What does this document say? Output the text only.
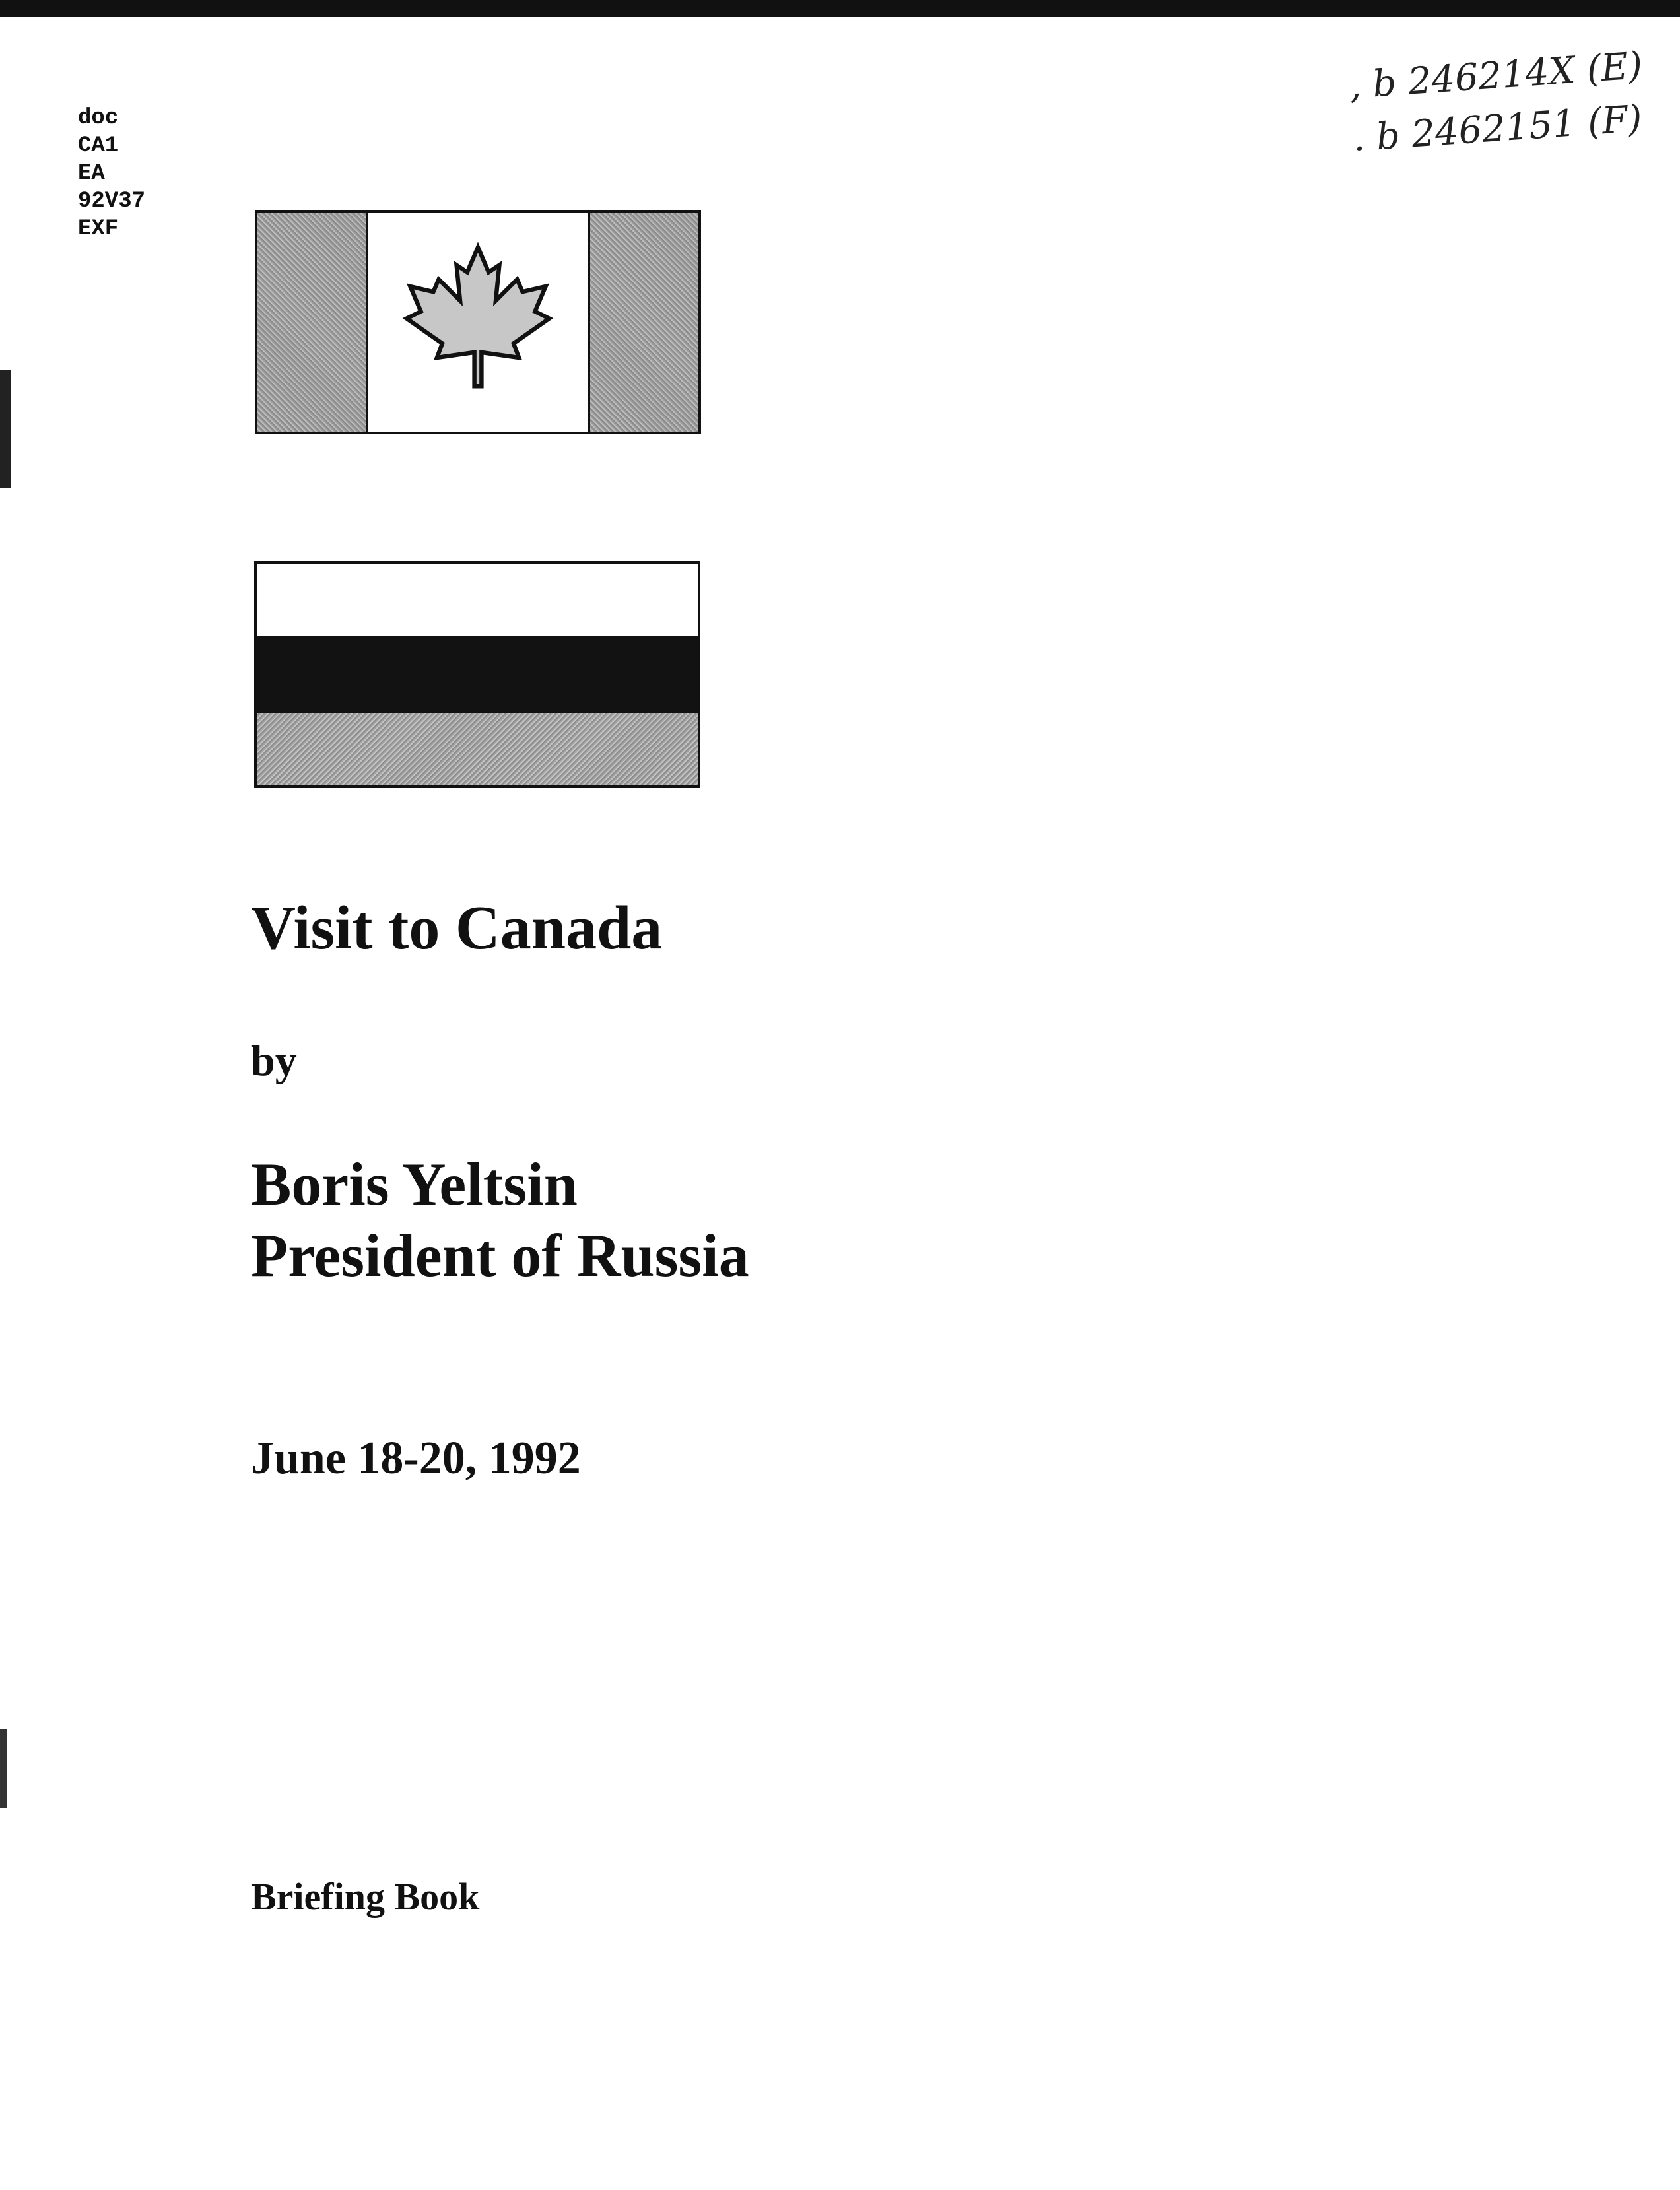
doc
CA1
EA
92V37
EXF
, b 246214X (E)
. b 2462151 (F)
Visit to Canada
by
Boris Yeltsin
President of Russia
June 18-20, 1992
Briefing Book
